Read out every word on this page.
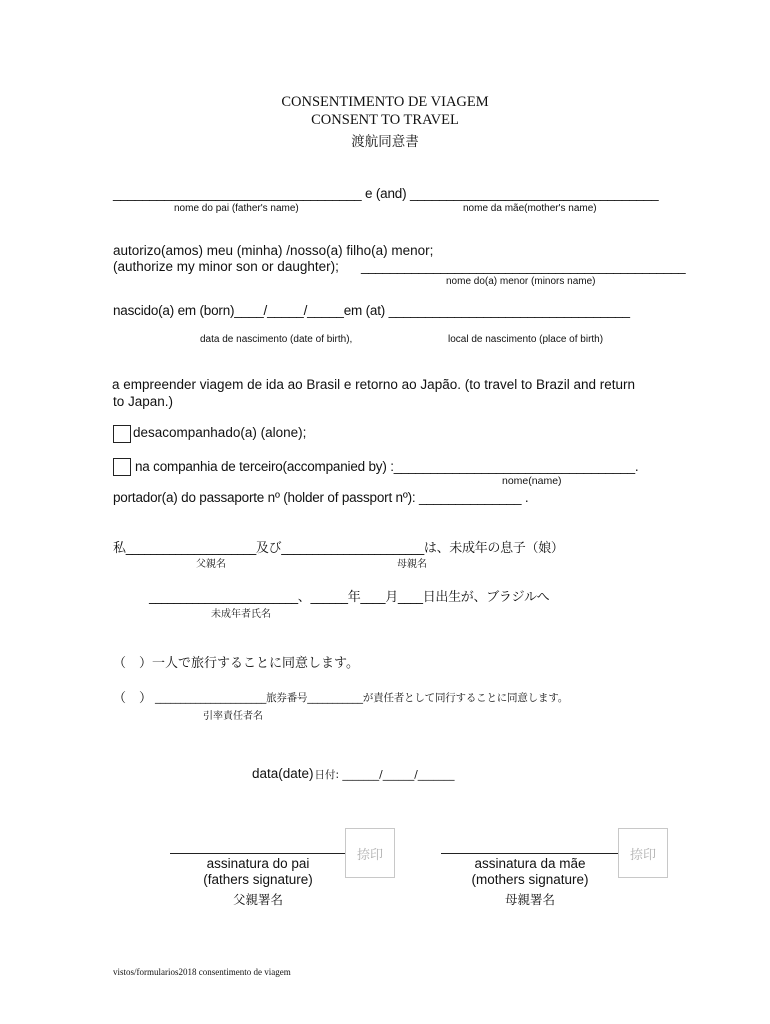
CONSENTIMENTO DE VIAGEM
CONSENT TO TRAVEL
渡航同意書
__________________________________ e (and) __________________________________
nome do pai (father's name)	nome da mãe(mother's name)
autorizo(amos) meu (minha) /nosso(a) filho(a) menor;
(authorize my minor son or daughter); _____________________________________________
nome do(a) menor (minors name)
nascido(a) em (born)____/_____/_____em (at) _________________________________
data de nascimento (date of birth),	local de nascimento (place of birth)
a empreender viagem de ida ao Brasil e retorno ao Japão. (to travel to Brazil and return
to Japan.)
desacompanhado(a) (alone);
na companhia de terceiro(accompanied by) :_________________________________.
nome(name)
portador(a) do passaporte nº (holder of passport nº): ______________ .
私_____________________及び_______________________は、未成年の息子（娘）
父親名	母親名
________________________、______年____月____日出生が、ブラジルへ
未成年者氏名
（　）一人で旅行することに同意します。
（　） ______________________旅券番号___________が責任者として同行することに同意します。
引率責任者名
data(date)日付: _______/______/_______
捺印
assinatura do pai
(fathers signature)
父親署名
捺印
assinatura da mãe
(mothers signature)
母親署名
vistos/formularios2018 consentimento de viagem
